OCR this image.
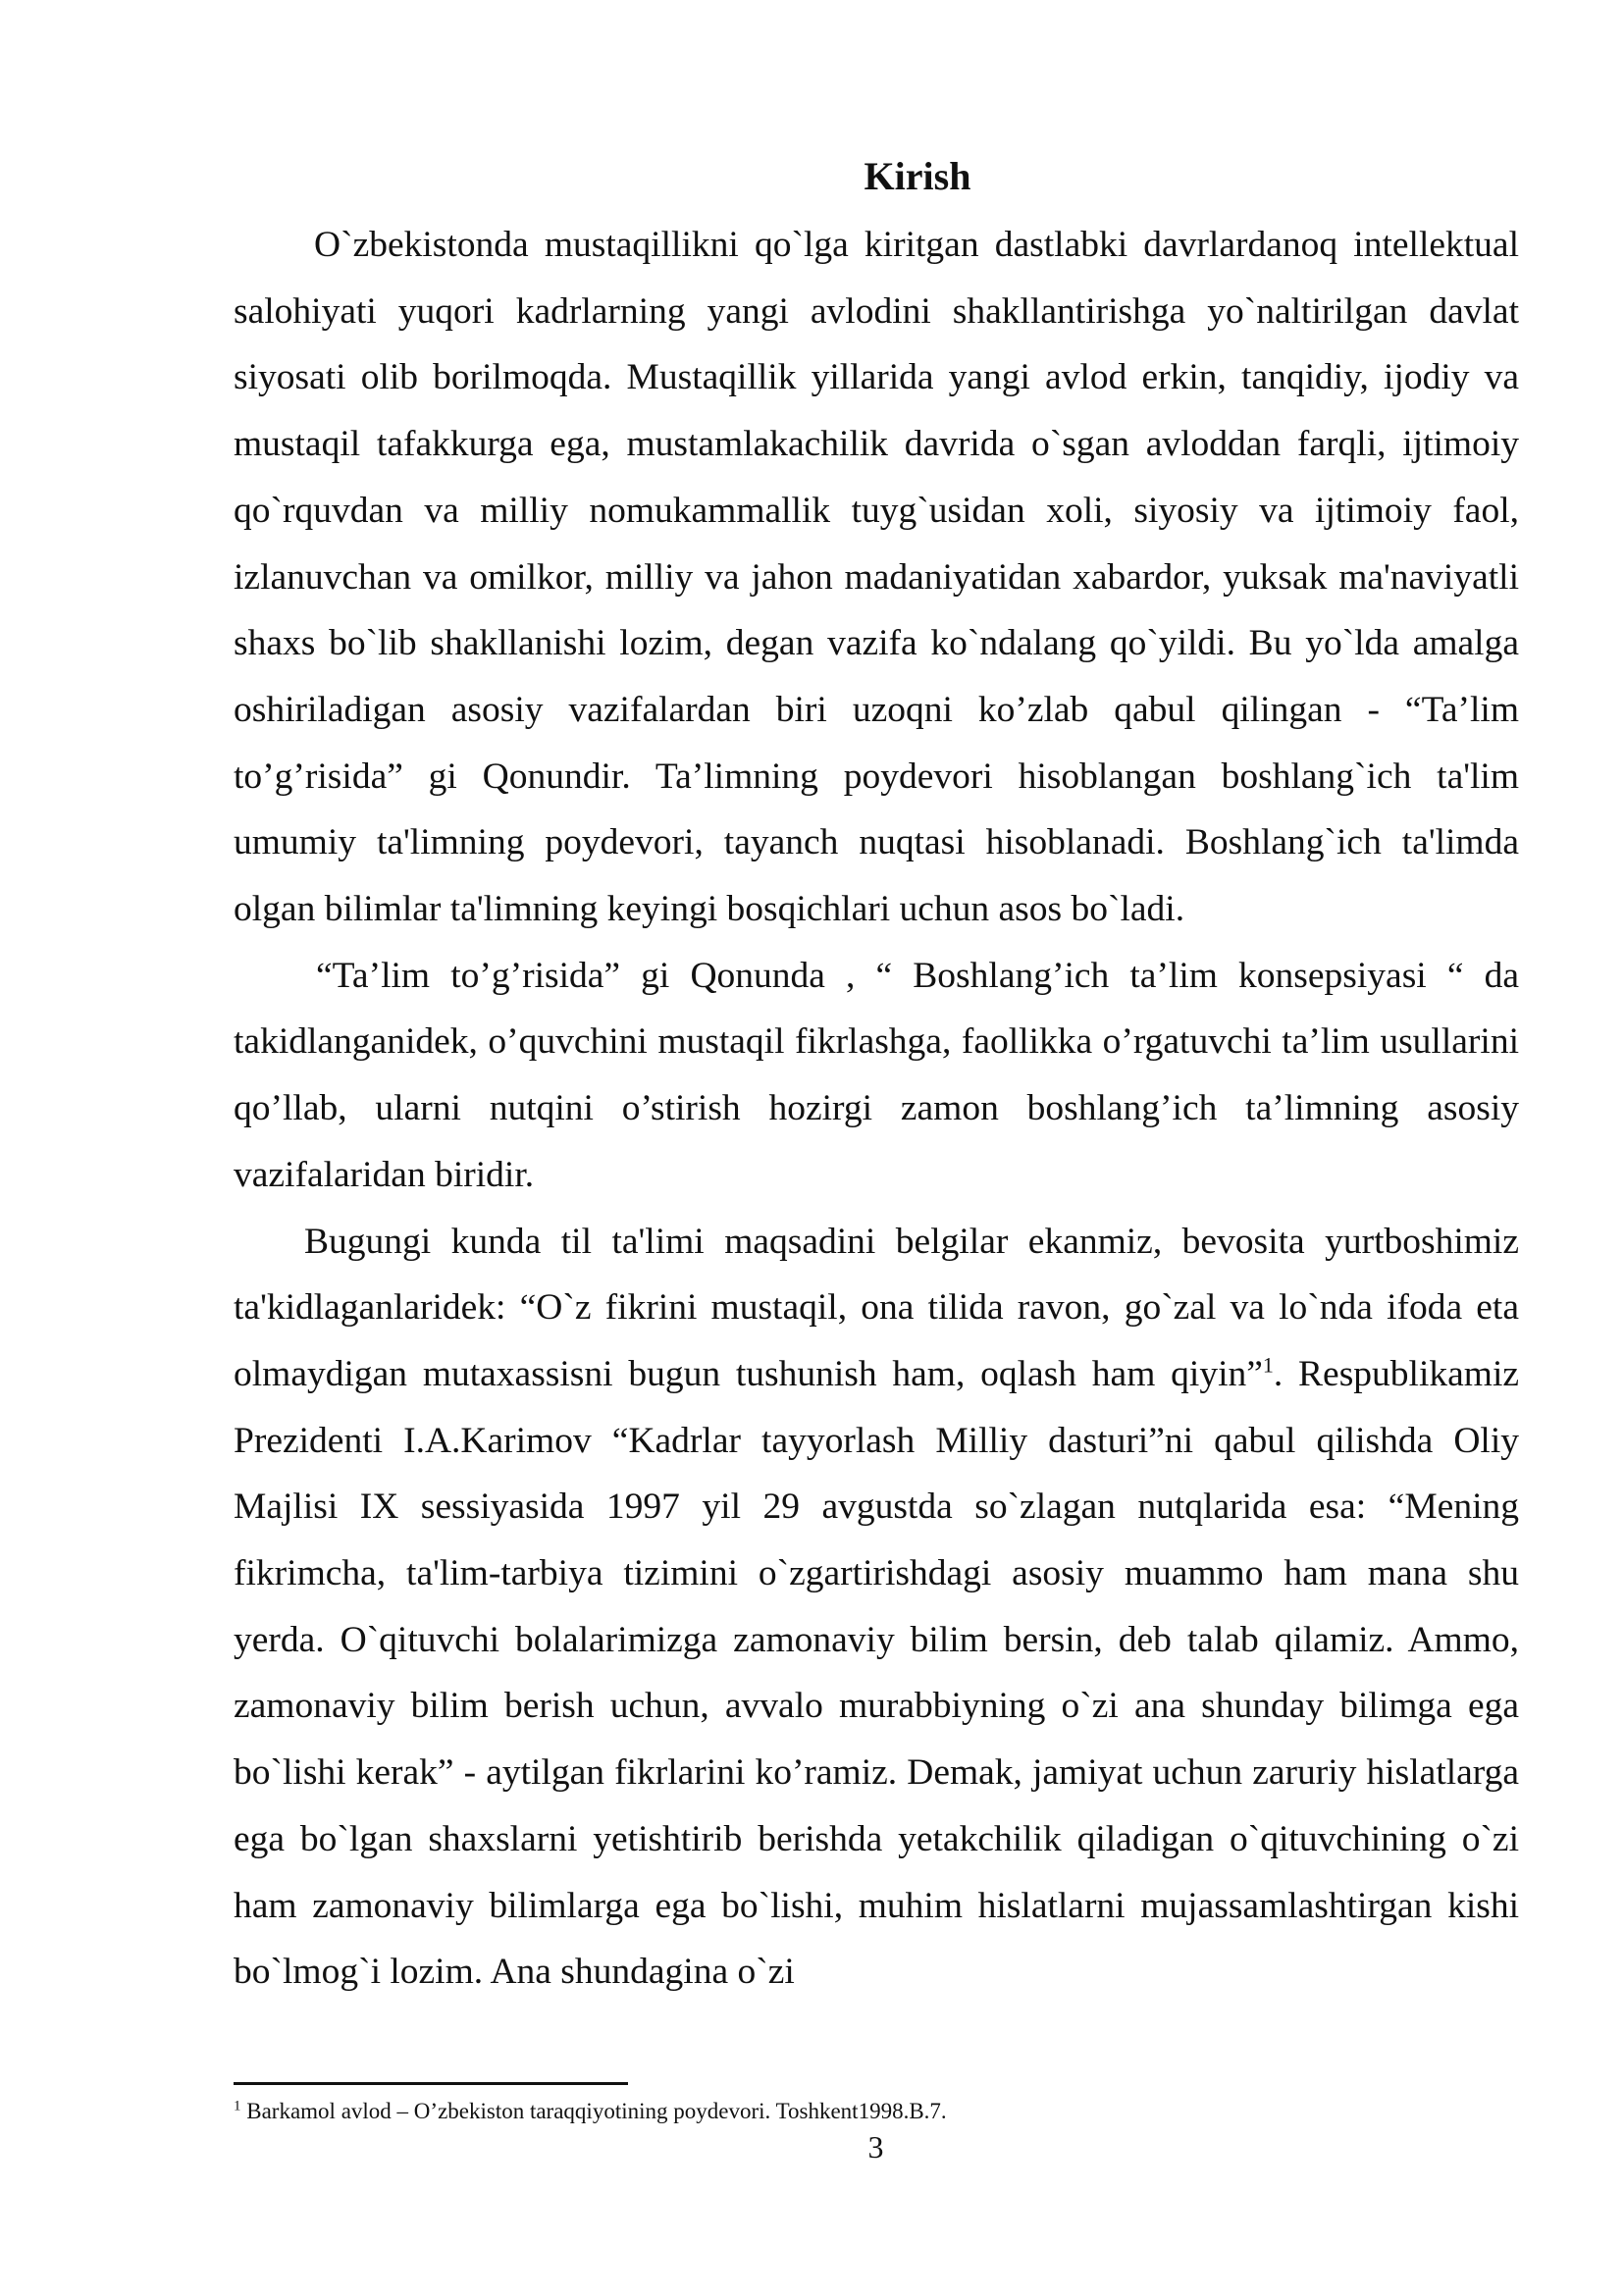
Kirish

O`zbekistonda mustaqillikni qo`lga kiritgan dastlabki davrlardanoq intellektual salohiyati yuqori kadrlarning yangi avlodini shakllantirishga yo`naltirilgan davlat siyosati olib borilmoqda. Mustaqillik yillarida yangi avlod erkin, tanqidiy, ijodiy va mustaqil tafakkurga ega, mustamlakachilik davrida o`sgan avloddan farqli, ijtimoiy qo`rquvdan va milliy nomukammallik tuyg`usidan xoli, siyosiy va ijtimoiy faol, izlanuvchan va omilkor, milliy va jahon madaniyatidan xabardor, yuksak ma'naviyatli shaxs bo`lib shakllanishi lozim, degan vazifa ko`ndalang qo`yildi. Bu yo`lda amalga oshiriladigan asosiy vazifalardan biri uzoqni ko’zlab qabul qilingan - “Ta’lim to’g’risida” gi Qonundir. Ta’limning poydevori hisoblangan boshlang`ich ta'lim umumiy ta'limning poydevori, tayanch nuqtasi hisoblanadi. Boshlang`ich ta'limda olgan bilimlar ta'limning keyingi bosqichlari uchun asos bo`ladi.

“Ta’lim to’g’risida” gi Qonunda , “ Boshlang’ich ta’lim konsepsiyasi “ da takidlanganidek, o’quvchini mustaqil fikrlashga, faollikka o’rgatuvchi ta’lim usullarini qo’llab, ularni nutqini o’stirish hozirgi zamon boshlang’ich ta’limning asosiy vazifalaridan biridir.

Bugungi kunda til ta'limi maqsadini belgilar ekanmiz, bevosita yurtboshimiz ta'kidlaganlaridek: “O`z fikrini mustaqil, ona tilida ravon, go`zal va lo`nda ifoda eta olmaydigan mutaxassisni bugun tushunish ham, oqlash ham qiyin”$^1$. Respublikamiz Prezidenti I.A.Karimov “Kadrlar tayyorlash Milliy dasturi”ni qabul qilishda Oliy Majlisi IX sessiyasida 1997 yil 29 avgustda so`zlagan nutqlarida esa: “Mening fikrimcha, ta'lim-tarbiya tizimini o`zgartirishdagi asosiy muammo ham mana shu yerda. O`qituvchi bolalarimizga zamonaviy bilim bersin, deb talab qilamiz. Ammo, zamonaviy bilim berish uchun, avvalo murabbiyning o`zi ana shunday bilimga ega bo`lishi kerak” - aytilgan fikrlarini ko’ramiz. Demak, jamiyat uchun zaruriy hislatlarga ega bo`lgan shaxslarni yetishtirib berishda yetakchilik qiladigan o`qituvchining o`zi ham zamonaviy bilimlarga ega bo`lishi, muhim hislatlarni mujassamlashtirgan kishi bo`lmog`i lozim. Ana shundagina o`zi

$^1$ Barkamol avlod – O’zbekiston taraqqiyotining poydevori. Toshkent1998.B.7.
3
